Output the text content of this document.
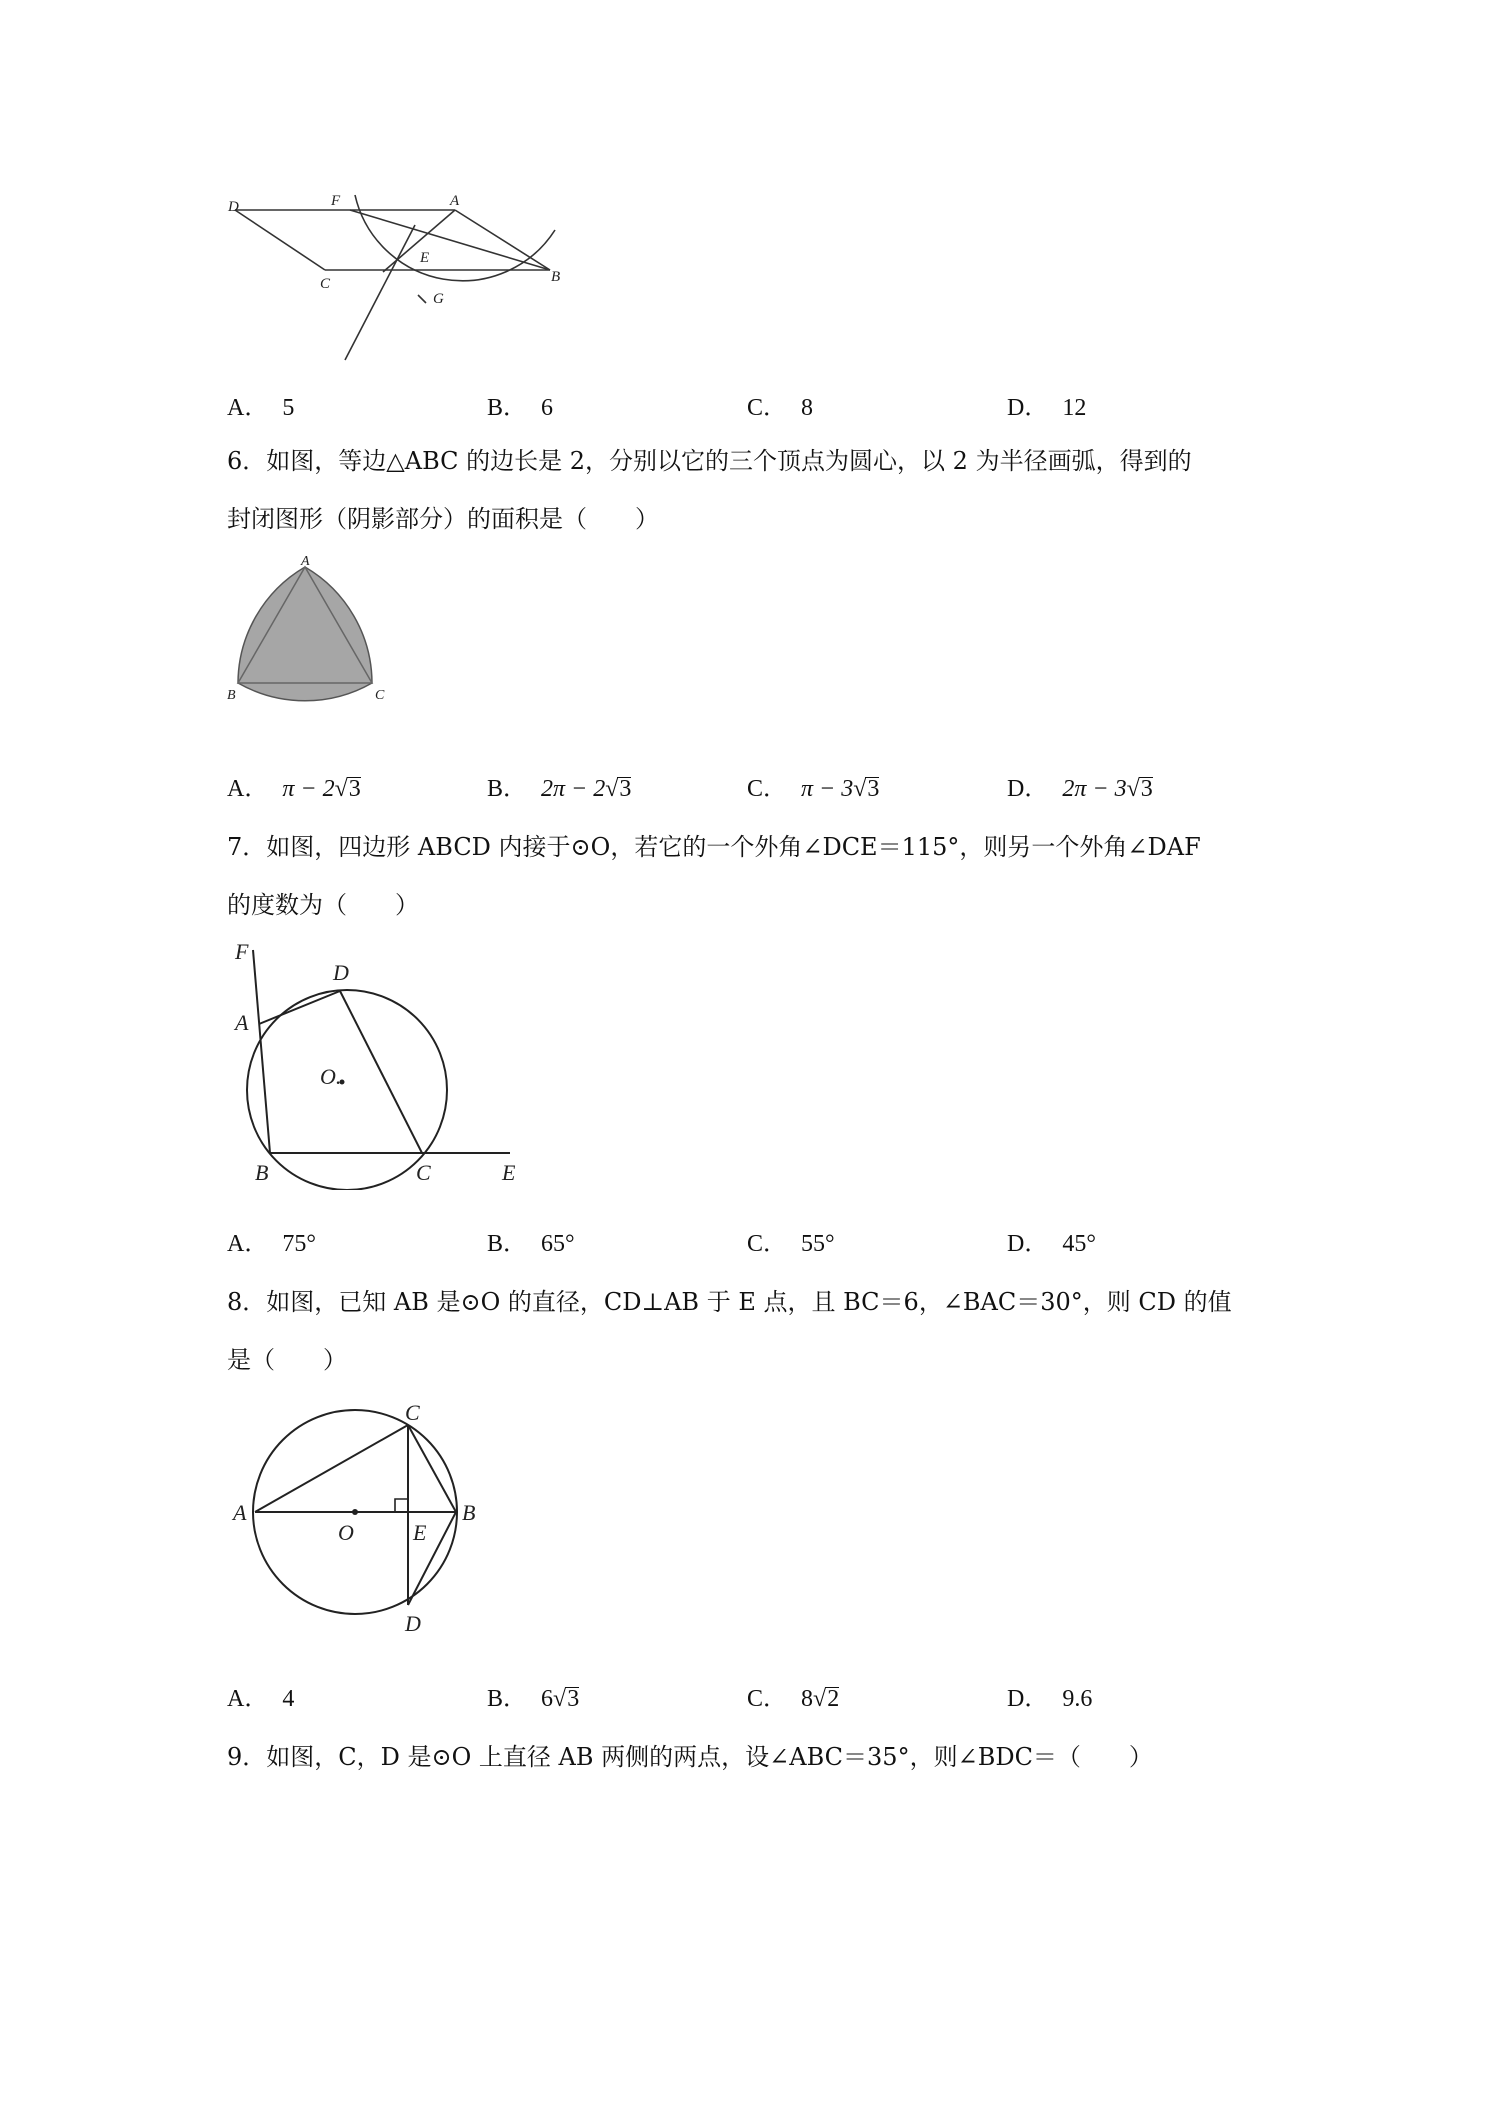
D	F	A
E
C	B
G
A． 5	B． 6	C． 8	D． 12
6．如图，等边△ABC 的边长是 2，分别以它的三个顶点为圆心，以 2 为半径画弧，得到的
封闭图形（阴影部分）的面积是（　　）
A
B	C
A． π − 2√3	B． 2π − 2√3	C． π − 3√3	D． 2π − 3√3
7．如图，四边形 ABCD 内接于⊙O，若它的一个外角∠DCE＝115°，则另一个外角∠DAF
的度数为（　　）
F
D
A
O.
B	C	E
A． 75°	B． 65°	C． 55°	D． 45°
8．如图，已知 AB 是⊙O 的直径，CD⊥AB 于 E 点，且 BC＝6，∠BAC＝30°，则 CD 的值
是（　　）
C
A
O	E
B
D
A． 4	B． 6√3	C． 8√2	D． 9.6
9．如图，C，D 是⊙O 上直径 AB 两侧的两点，设∠ABC＝35°，则∠BDC＝（　　）
